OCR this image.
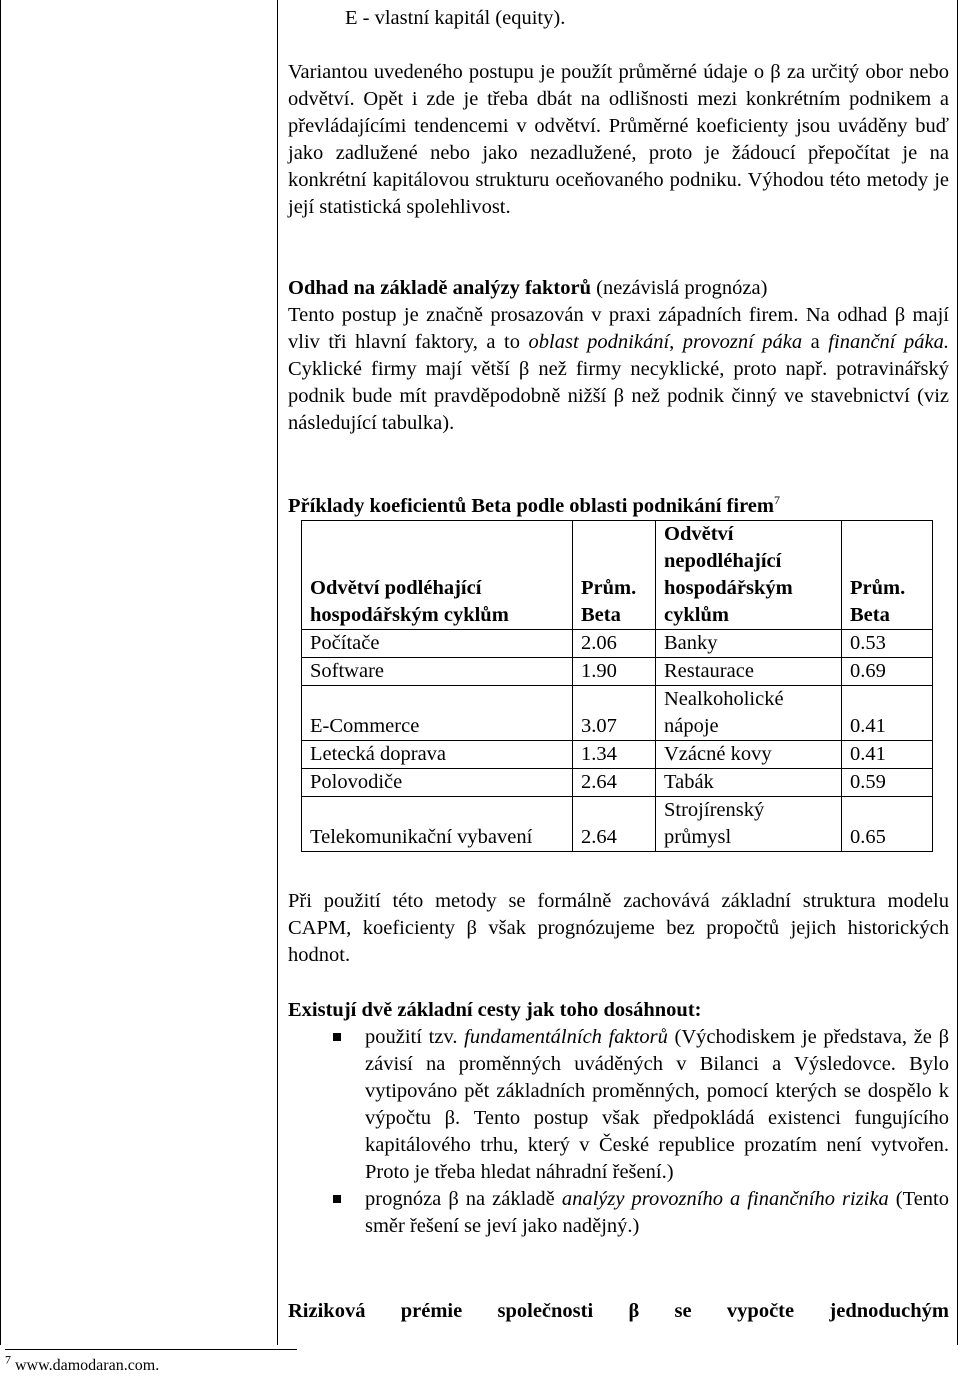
E - vlastní kapitál (equity).

Variantou uvedeného postupu je použít průměrné údaje o β za určitý obor nebo odvětví. Opět i zde je třeba dbát na odlišnosti mezi konkrétním podnikem a převládajícími tendencemi v odvětví. Průměrné koeficienty jsou uváděny buď jako zadlužené nebo jako nezadlužené, proto je žádoucí přepočítat je na konkrétní kapitálovou strukturu oceňovaného podniku. Výhodou této metody je její statistická spolehlivost.

Odhad na základě analýzy faktorů (nezávislá prognóza)

Tento postup je značně prosazován v praxi západních firem. Na odhad β mají vliv tři hlavní faktory, a to oblast podnikání, provozní páka a finanční páka. Cyklické firmy mají větší β než firmy necyklické, proto např. potravinářský podnik bude mít pravděpodobně nižší β než podnik činný ve stavebnictví (viz následující tabulka).

Příklady koeficientů Beta podle oblasti podnikání firem$^7$
Odvětví podléhající hospodářským cyklům	Prům. Beta	Odvětví nepodléhající hospodářským cyklům	Prům. Beta
Počítače	2.06	Banky	0.53
Software	1.90	Restaurace	0.69
E-Commerce	3.07	Nealkoholické nápoje	0.41
Letecká doprava	1.34	Vzácné kovy	0.41
Polovodiče	2.64	Tabák	0.59
Telekomunikační vybavení	2.64	Strojírenský průmysl	0.65

Při použití této metody se formálně zachovává základní struktura modelu CAPM, koeficienty β však prognózujeme bez propočtů jejich historických hodnot.

Existují dvě základní cesty jak toho dosáhnout:

použití tzv. fundamentálních faktorů (Východiskem je představa, že β závisí na proměnných uváděných v Bilanci a Výsledovce. Bylo vytipováno pět základních proměnných, pomocí kterých se dospělo k výpočtu β. Tento postup však předpokládá existenci fungujícího kapitálového trhu, který v České republice prozatím není vytvořen. Proto je třeba hledat náhradní řešení.)

prognóza β na základě analýzy provozního a finančního rizika (Tento směr řešení se jeví jako nadějný.)

Riziková prémie společnosti β se vypočte jednoduchým

$^7$ www.damodaran.com.
